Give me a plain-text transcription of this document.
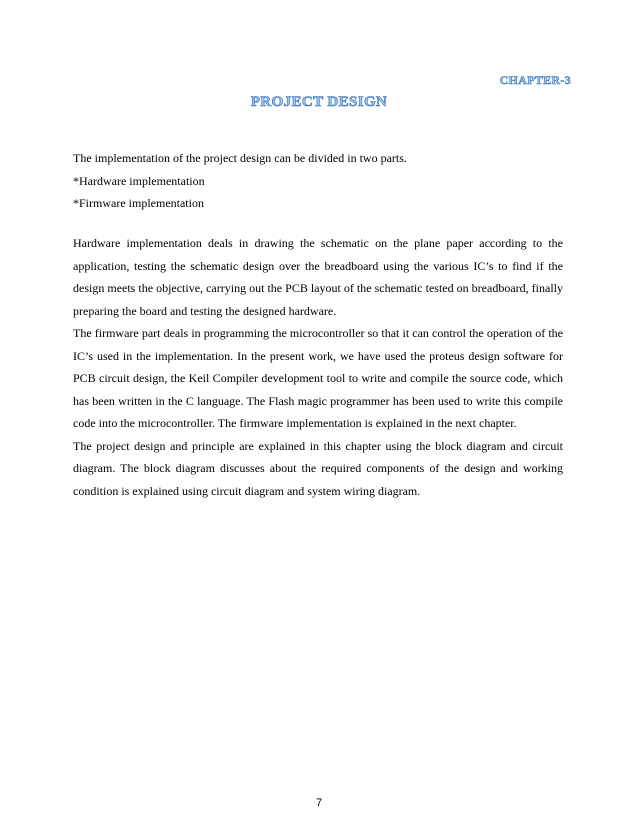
CHAPTER-3
PROJECT DESIGN

The implementation of the project design can be divided in two parts.

*Hardware implementation

*Firmware implementation

Hardware implementation deals in drawing the schematic on the plane paper according to the application, testing the schematic design over the breadboard using the various IC’s to find if the design meets the objective, carrying out the PCB layout of the schematic tested on breadboard, finally preparing the board and testing the designed hardware.

The firmware part deals in programming the microcontroller so that it can control the operation of the IC’s used in the implementation. In the present work, we have used the proteus design software for PCB circuit design, the Keil Compiler development tool to write and compile the source code, which has been written in the C language. The Flash magic programmer has been used to write this compile code into the microcontroller. The firmware implementation is explained in the next chapter.

The project design and principle are explained in this chapter using the block diagram and circuit diagram. The block diagram discusses about the required components of the design and working condition is explained using circuit diagram and system wiring diagram.

7
